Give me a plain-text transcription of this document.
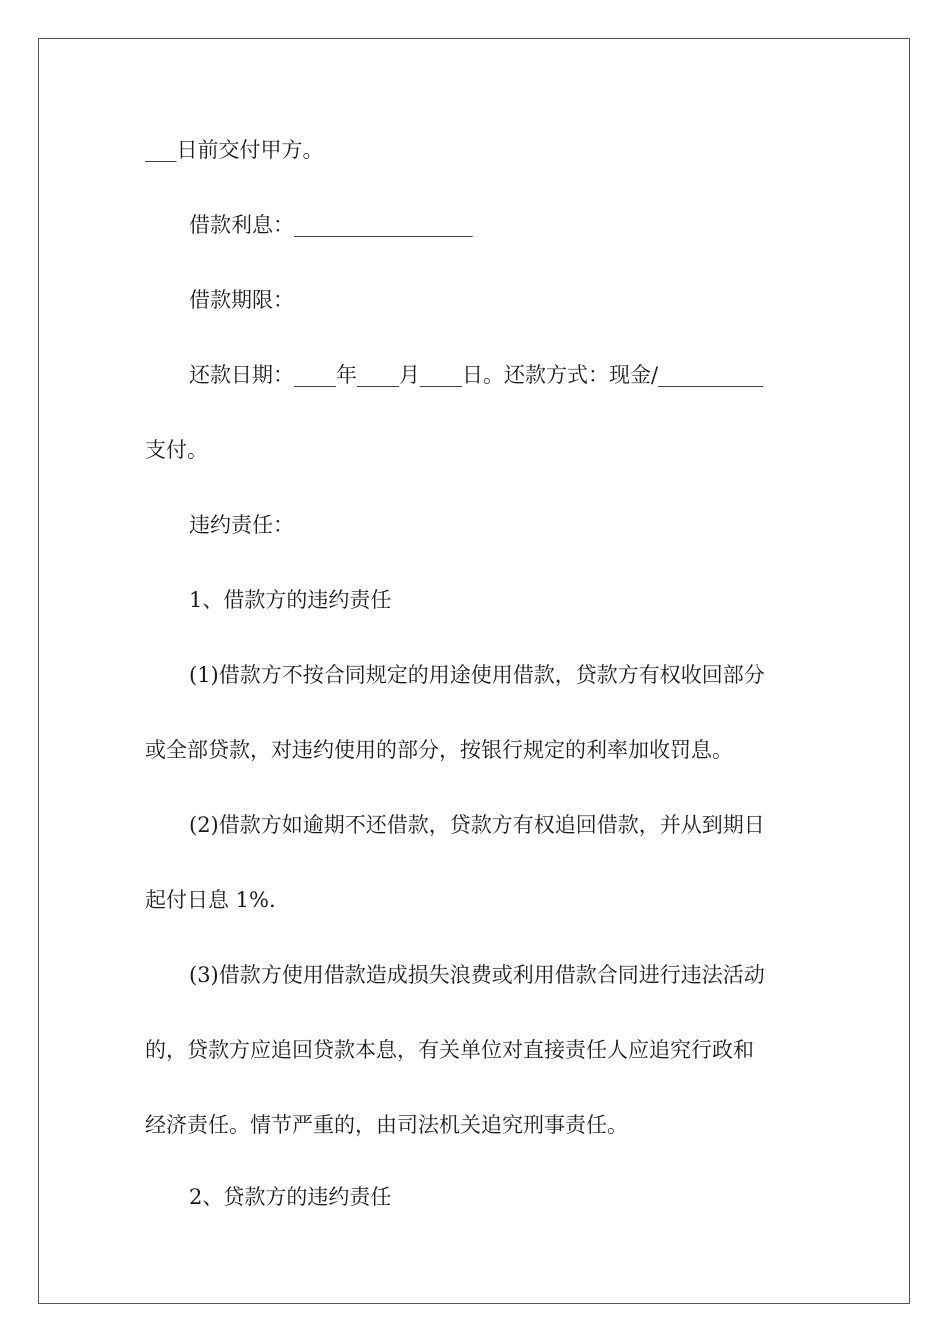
___日前交付甲方。
借款利息：_________________
借款期限：
还款日期：____年____月____日。还款方式：现金/__________
支付。
违约责任：
1、借款方的违约责任
(1)借款方不按合同规定的用途使用借款，贷款方有权收回部分
或全部贷款，对违约使用的部分，按银行规定的利率加收罚息。
(2)借款方如逾期不还借款，贷款方有权追回借款，并从到期日
起付日息 1%.
(3)借款方使用借款造成损失浪费或利用借款合同进行违法活动
的，贷款方应追回贷款本息，有关单位对直接责任人应追究行政和
经济责任。情节严重的，由司法机关追究刑事责任。
2、贷款方的违约责任
